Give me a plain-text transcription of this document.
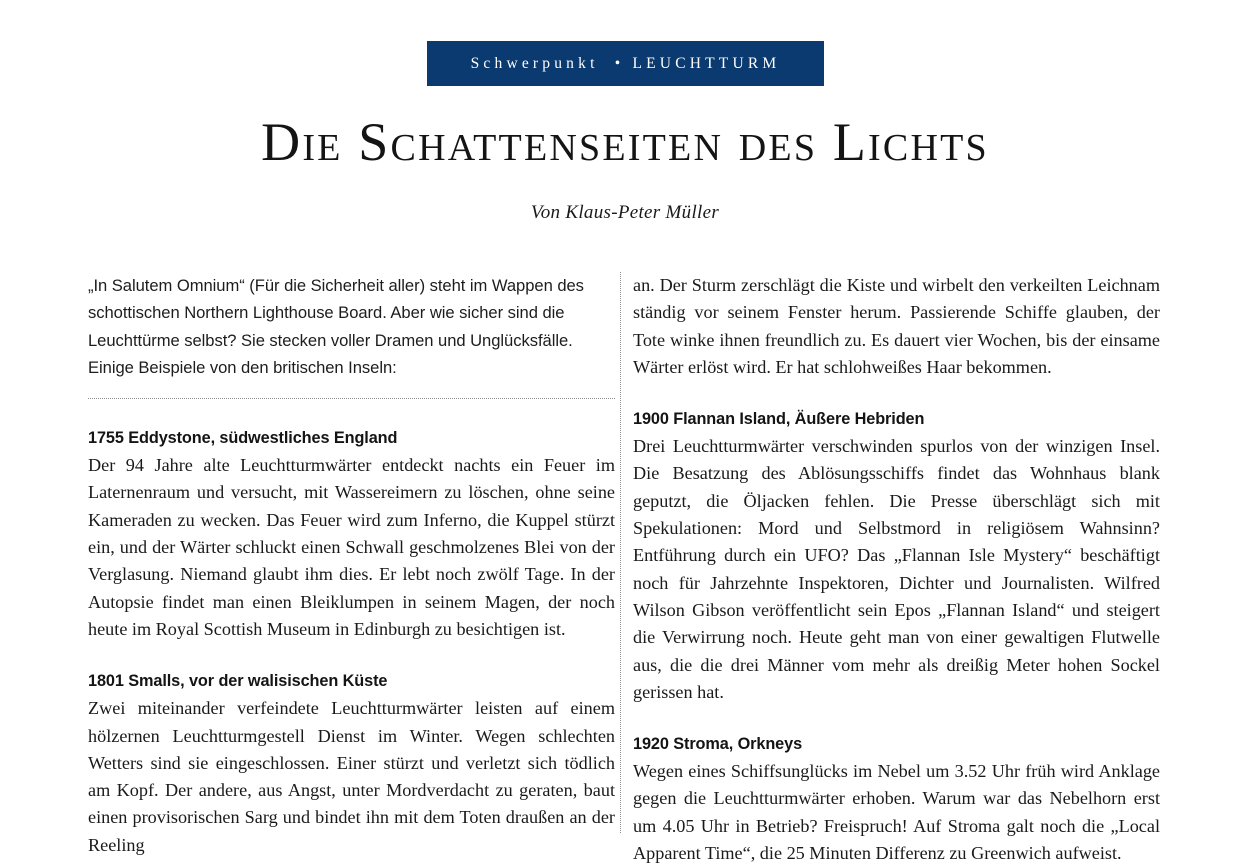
Schwerpunkt • LEUCHTTURM
Die Schattenseiten des Lichts
Von Klaus-Peter Müller

„In Salutem Omnium“ (Für die Sicherheit aller) steht im Wappen des schottischen Northern Lighthouse Board. Aber wie sicher sind die Leuchttürme selbst? Sie stecken voller Dramen und Unglücksfälle. Einige Beispiele von den britischen Inseln:

1755 Eddystone, südwestliches England

Der 94 Jahre alte Leuchtturmwärter entdeckt nachts ein Feuer im Laternenraum und versucht, mit Wassereimern zu löschen, ohne seine Kameraden zu wecken. Das Feuer wird zum Inferno, die Kuppel stürzt ein, und der Wärter schluckt einen Schwall geschmolzenes Blei von der Verglasung. Niemand glaubt ihm dies. Er lebt noch zwölf Tage. In der Autopsie findet man einen Bleiklumpen in seinem Magen, der noch heute im Royal Scottish Museum in Edinburgh zu besichtigen ist.

1801 Smalls, vor der walisischen Küste

Zwei miteinander verfeindete Leuchtturmwärter leisten auf einem hölzernen Leuchtturmgestell Dienst im Winter. Wegen schlechten Wetters sind sie eingeschlossen. Einer stürzt und verletzt sich tödlich am Kopf. Der andere, aus Angst, unter Mordverdacht zu geraten, baut einen provisorischen Sarg und bindet ihn mit dem Toten draußen an der Reeling

an. Der Sturm zerschlägt die Kiste und wirbelt den verkeilten Leichnam ständig vor seinem Fenster herum. Passierende Schiffe glauben, der Tote winke ihnen freundlich zu. Es dauert vier Wochen, bis der einsame Wärter erlöst wird. Er hat schlohweißes Haar bekommen.

1900 Flannan Island, Äußere Hebriden

Drei Leuchtturmwärter verschwinden spurlos von der winzigen Insel. Die Besatzung des Ablösungsschiffs findet das Wohnhaus blank geputzt, die Öljacken fehlen. Die Presse überschlägt sich mit Spekulationen: Mord und Selbstmord in religiösem Wahnsinn? Entführung durch ein UFO? Das „Flannan Isle Mystery“ beschäftigt noch für Jahrzehnte Inspektoren, Dichter und Journalisten. Wilfred Wilson Gibson veröffentlicht sein Epos „Flannan Island“ und steigert die Verwirrung noch. Heute geht man von einer gewaltigen Flutwelle aus, die die drei Männer vom mehr als dreißig Meter hohen Sockel gerissen hat.

1920 Stroma, Orkneys

Wegen eines Schiffsunglücks im Nebel um 3.52 Uhr früh wird Anklage gegen die Leuchtturmwärter erhoben. Warum war das Nebelhorn erst um 4.05 Uhr in Betrieb? Freispruch! Auf Stroma galt noch die „Local Apparent Time“, die 25 Minuten Differenz zu Greenwich aufweist.
